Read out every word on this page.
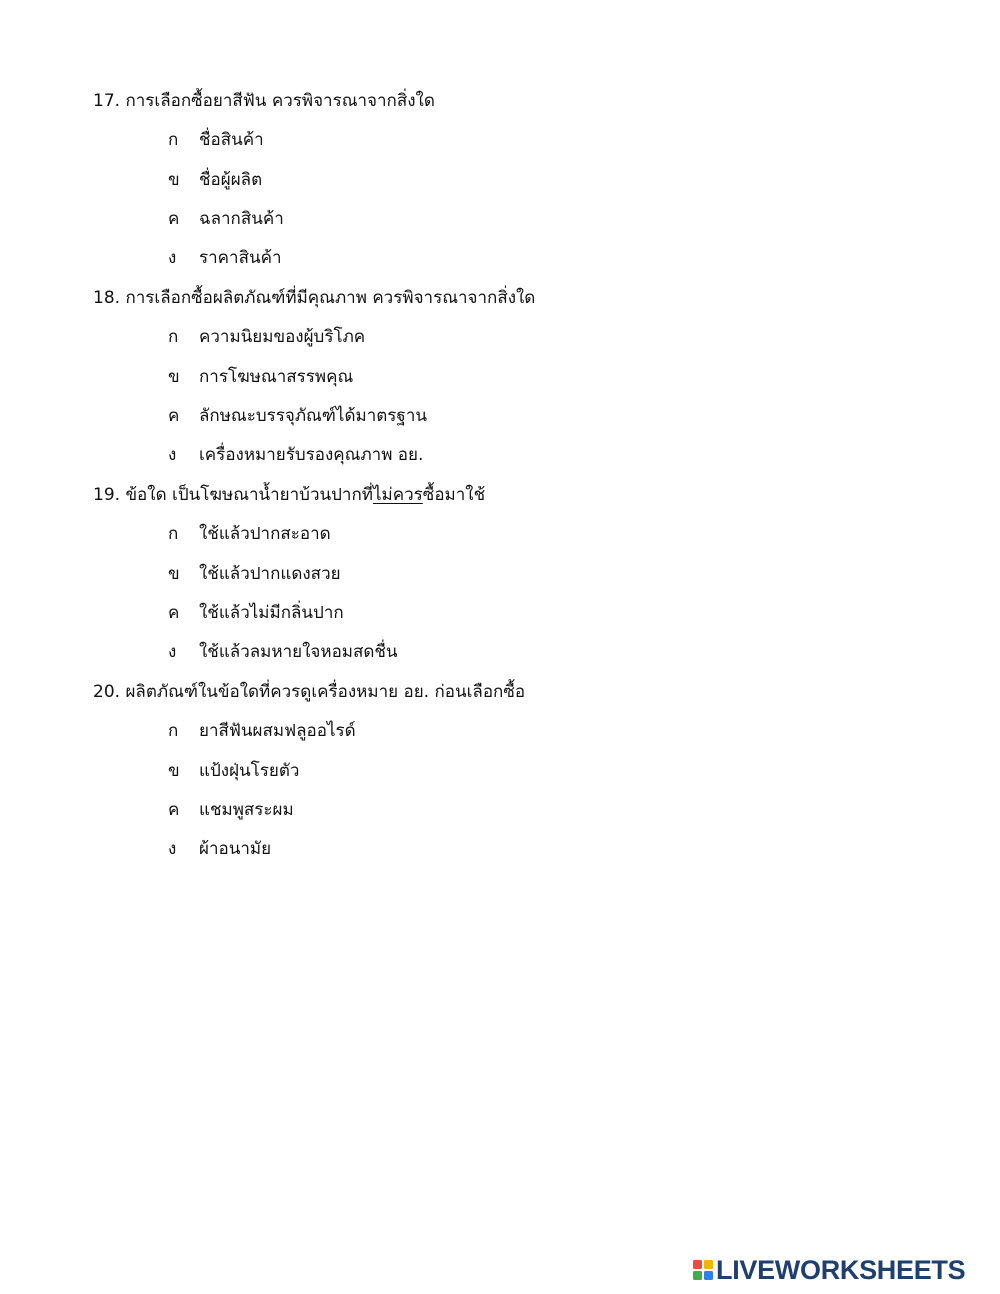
17. การเลือกซื้อยาสีฟัน ควรพิจารณาจากสิ่งใด
ก ชื่อสินค้า
ข ชื่อผู้ผลิต
ค ฉลากสินค้า
ง ราคาสินค้า
18. การเลือกซื้อผลิตภัณฑ์ที่มีคุณภาพ ควรพิจารณาจากสิ่งใด
ก ความนิยมของผู้บริโภค
ข การโฆษณาสรรพคุณ
ค ลักษณะบรรจุภัณฑ์ได้มาตรฐาน
ง เครื่องหมายรับรองคุณภาพ อย.
19. ข้อใด เป็นโฆษณาน้ำยาบ้วนปากที่ไม่ควรซื้อมาใช้
ก ใช้แล้วปากสะอาด
ข ใช้แล้วปากแดงสวย
ค ใช้แล้วไม่มีกลิ่นปาก
ง ใช้แล้วลมหายใจหอมสดชื่น
20. ผลิตภัณฑ์ในข้อใดที่ควรดูเครื่องหมาย อย. ก่อนเลือกซื้อ
ก ยาสีฟันผสมฟลูออไรด์
ข แป้งฝุ่นโรยตัว
ค แชมพูสระผม
ง ผ้าอนามัย
LIVEWORKSHEETS
